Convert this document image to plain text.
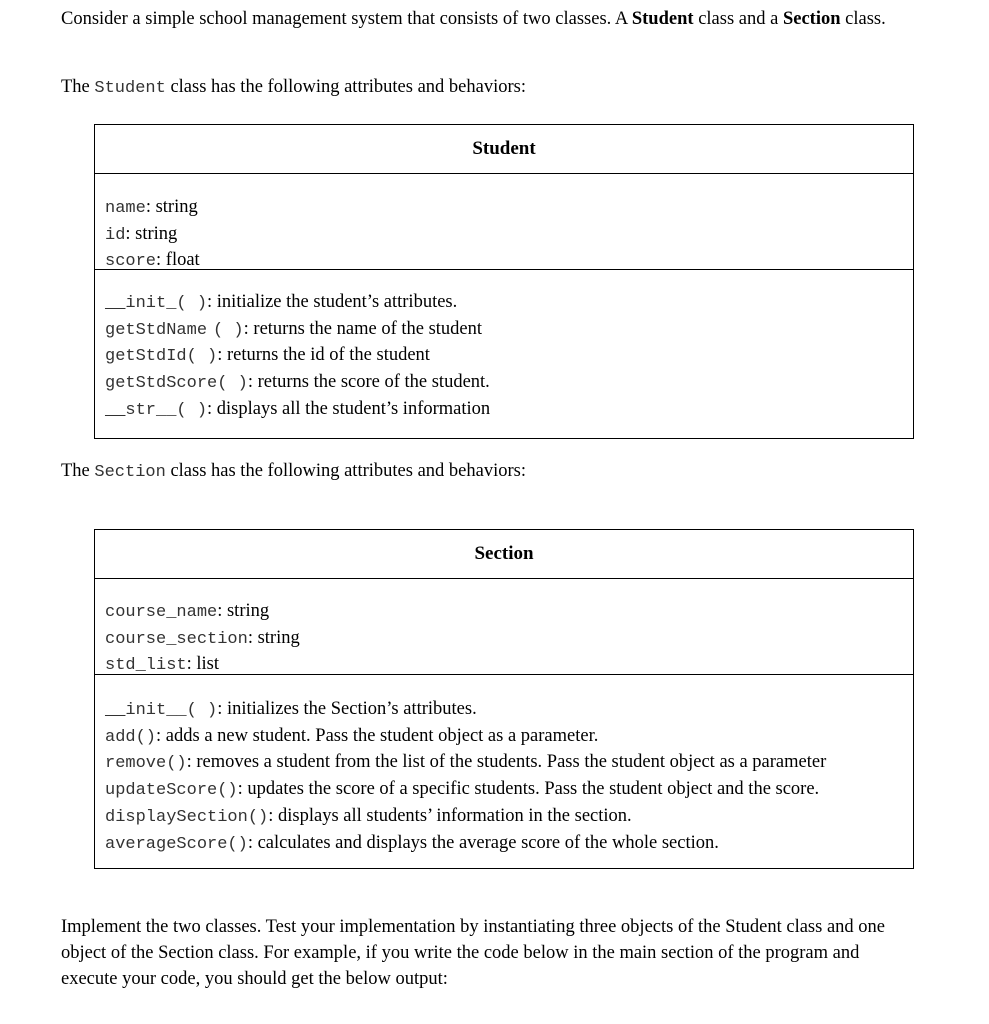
Consider a simple school management system that consists of two classes. A Student class and a Section class.

The Student class has the following attributes and behaviors:

Student
name: string
id: string
score: float
__init_( ): initialize the student’s attributes.
getStdName ( ): returns the name of the student
getStdId( ): returns the id of the student
getStdScore( ): returns the score of the student.
__str__( ): displays all the student’s information

The Section class has the following attributes and behaviors:

Section
course_name: string
course_section: string
std_list: list
__init__( ): initializes the Section’s attributes.
add(): adds a new student. Pass the student object as a parameter.
remove(): removes a student from the list of the students. Pass the student object as a parameter
updateScore(): updates the score of a specific students. Pass the student object and the score.
displaySection(): displays all students’ information in the section.
averageScore(): calculates and displays the average score of the whole section.

Implement the two classes. Test your implementation by instantiating three objects of the Student class and one object of the Section class. For example, if you write the code below in the main section of the program and execute your code, you should get the below output:
